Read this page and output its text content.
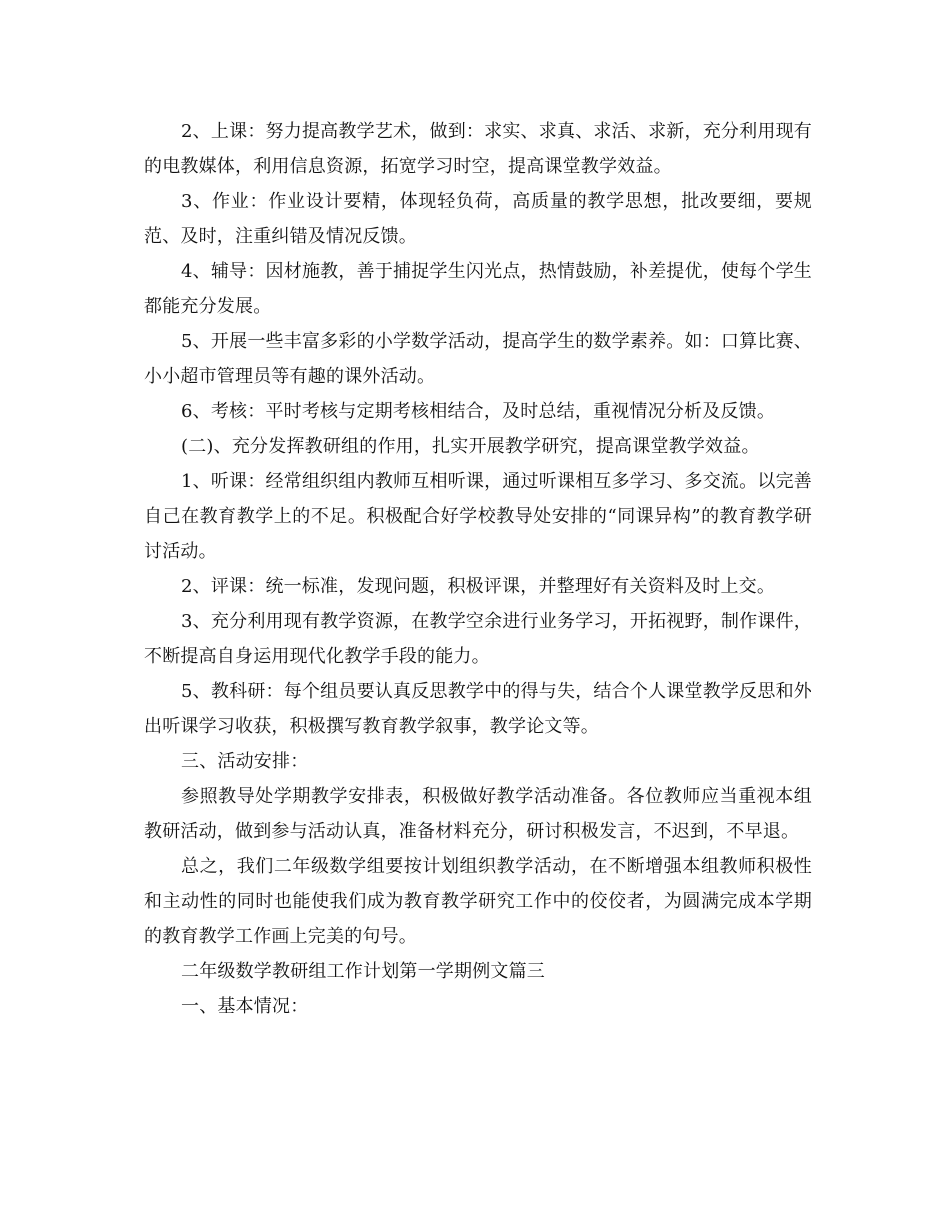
2、上课：努力提高教学艺术，做到：求实、求真、求活、求新，充分利用现有的电教媒体，利用信息资源，拓宽学习时空，提高课堂教学效益。

3、作业：作业设计要精，体现轻负荷，高质量的教学思想，批改要细，要规范、及时，注重纠错及情况反馈。

4、辅导：因材施教，善于捕捉学生闪光点，热情鼓励，补差提优，使每个学生都能充分发展。

5、开展一些丰富多彩的小学数学活动，提高学生的数学素养。如：口算比赛、小小超市管理员等有趣的课外活动。

6、考核：平时考核与定期考核相结合，及时总结，重视情况分析及反馈。

(二)、充分发挥教研组的作用，扎实开展教学研究，提高课堂教学效益。

1、听课：经常组织组内教师互相听课，通过听课相互多学习、多交流。以完善自己在教育教学上的不足。积极配合好学校教导处安排的“同课异构”的教育教学研讨活动。

2、评课：统一标准，发现问题，积极评课，并整理好有关资料及时上交。

3、充分利用现有教学资源，在教学空余进行业务学习，开拓视野，制作课件，不断提高自身运用现代化教学手段的能力。

5、教科研：每个组员要认真反思教学中的得与失，结合个人课堂教学反思和外出听课学习收获，积极撰写教育教学叙事，教学论文等。

三、活动安排：

参照教导处学期教学安排表，积极做好教学活动准备。各位教师应当重视本组教研活动，做到参与活动认真，准备材料充分，研讨积极发言，不迟到，不早退。

总之，我们二年级数学组要按计划组织教学活动，在不断增强本组教师积极性和主动性的同时也能使我们成为教育教学研究工作中的佼佼者，为圆满完成本学期的教育教学工作画上完美的句号。

二年级数学教研组工作计划第一学期例文篇三

一、基本情况：
